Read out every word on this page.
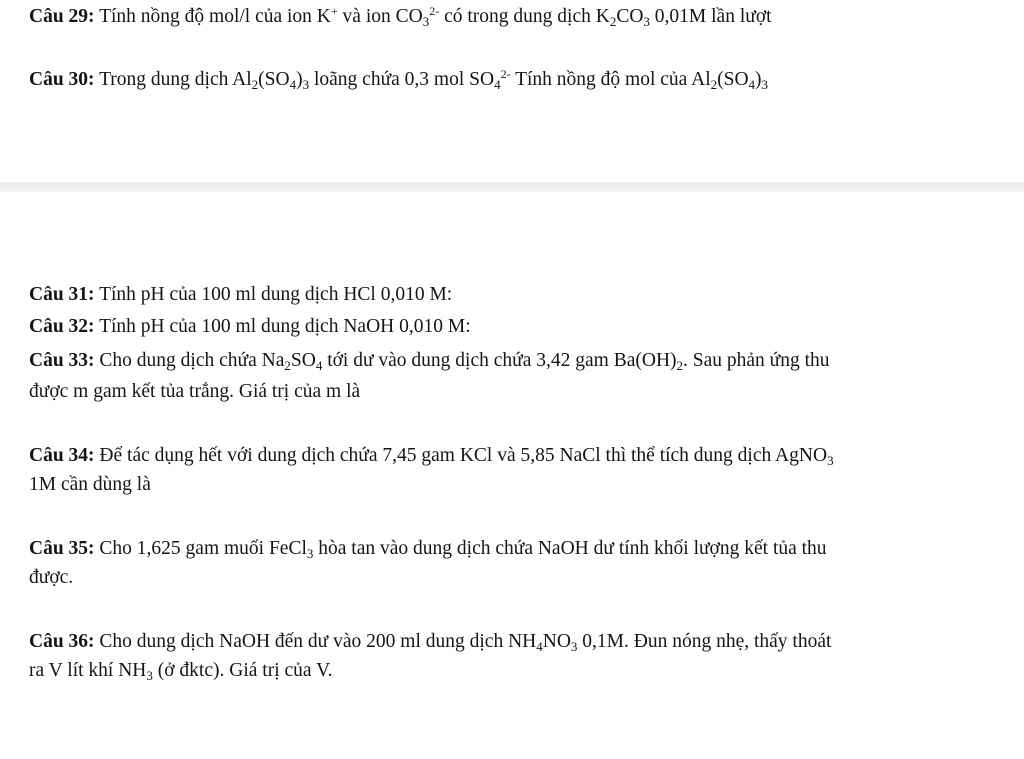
Câu 29: Tính nồng độ mol/l của ion K+ và ion $CO_3^{2-}$ có trong dung dịch $K_2CO_3$ 0,01M lần lượt
Câu 30: Trong dung dịch $Al_2(SO_4)_3$ loãng chứa 0,3 mol $SO_4^{2-}$ Tính nồng độ mol của $Al_2(SO_4)_3$
Câu 31: Tính pH của 100 ml dung dịch HCl 0,010 M:
Câu 32: Tính pH của 100 ml dung dịch NaOH 0,010 M:
Câu 33: Cho dung dịch chứa $Na_2SO_4$ tới dư vào dung dịch chứa 3,42 gam $Ba(OH)_2$. Sau phản ứng thu
được m gam kết tủa trắng. Giá trị của m là
Câu 34: Để tác dụng hết với dung dịch chứa 7,45 gam KCl và 5,85 NaCl thì thể tích dung dịch AgNO$_3$
1M cần dùng là
Câu 35: Cho 1,625 gam muối FeCl$_3$ hòa tan vào dung dịch chứa NaOH dư tính khối lượng kết tủa thu
được.
Câu 36: Cho dung dịch NaOH đến dư vào 200 ml dung dịch $NH_4NO_3$ 0,1M. Đun nóng nhẹ, thấy thoát
ra V lít khí $NH_3$ (ở đktc). Giá trị của V.
